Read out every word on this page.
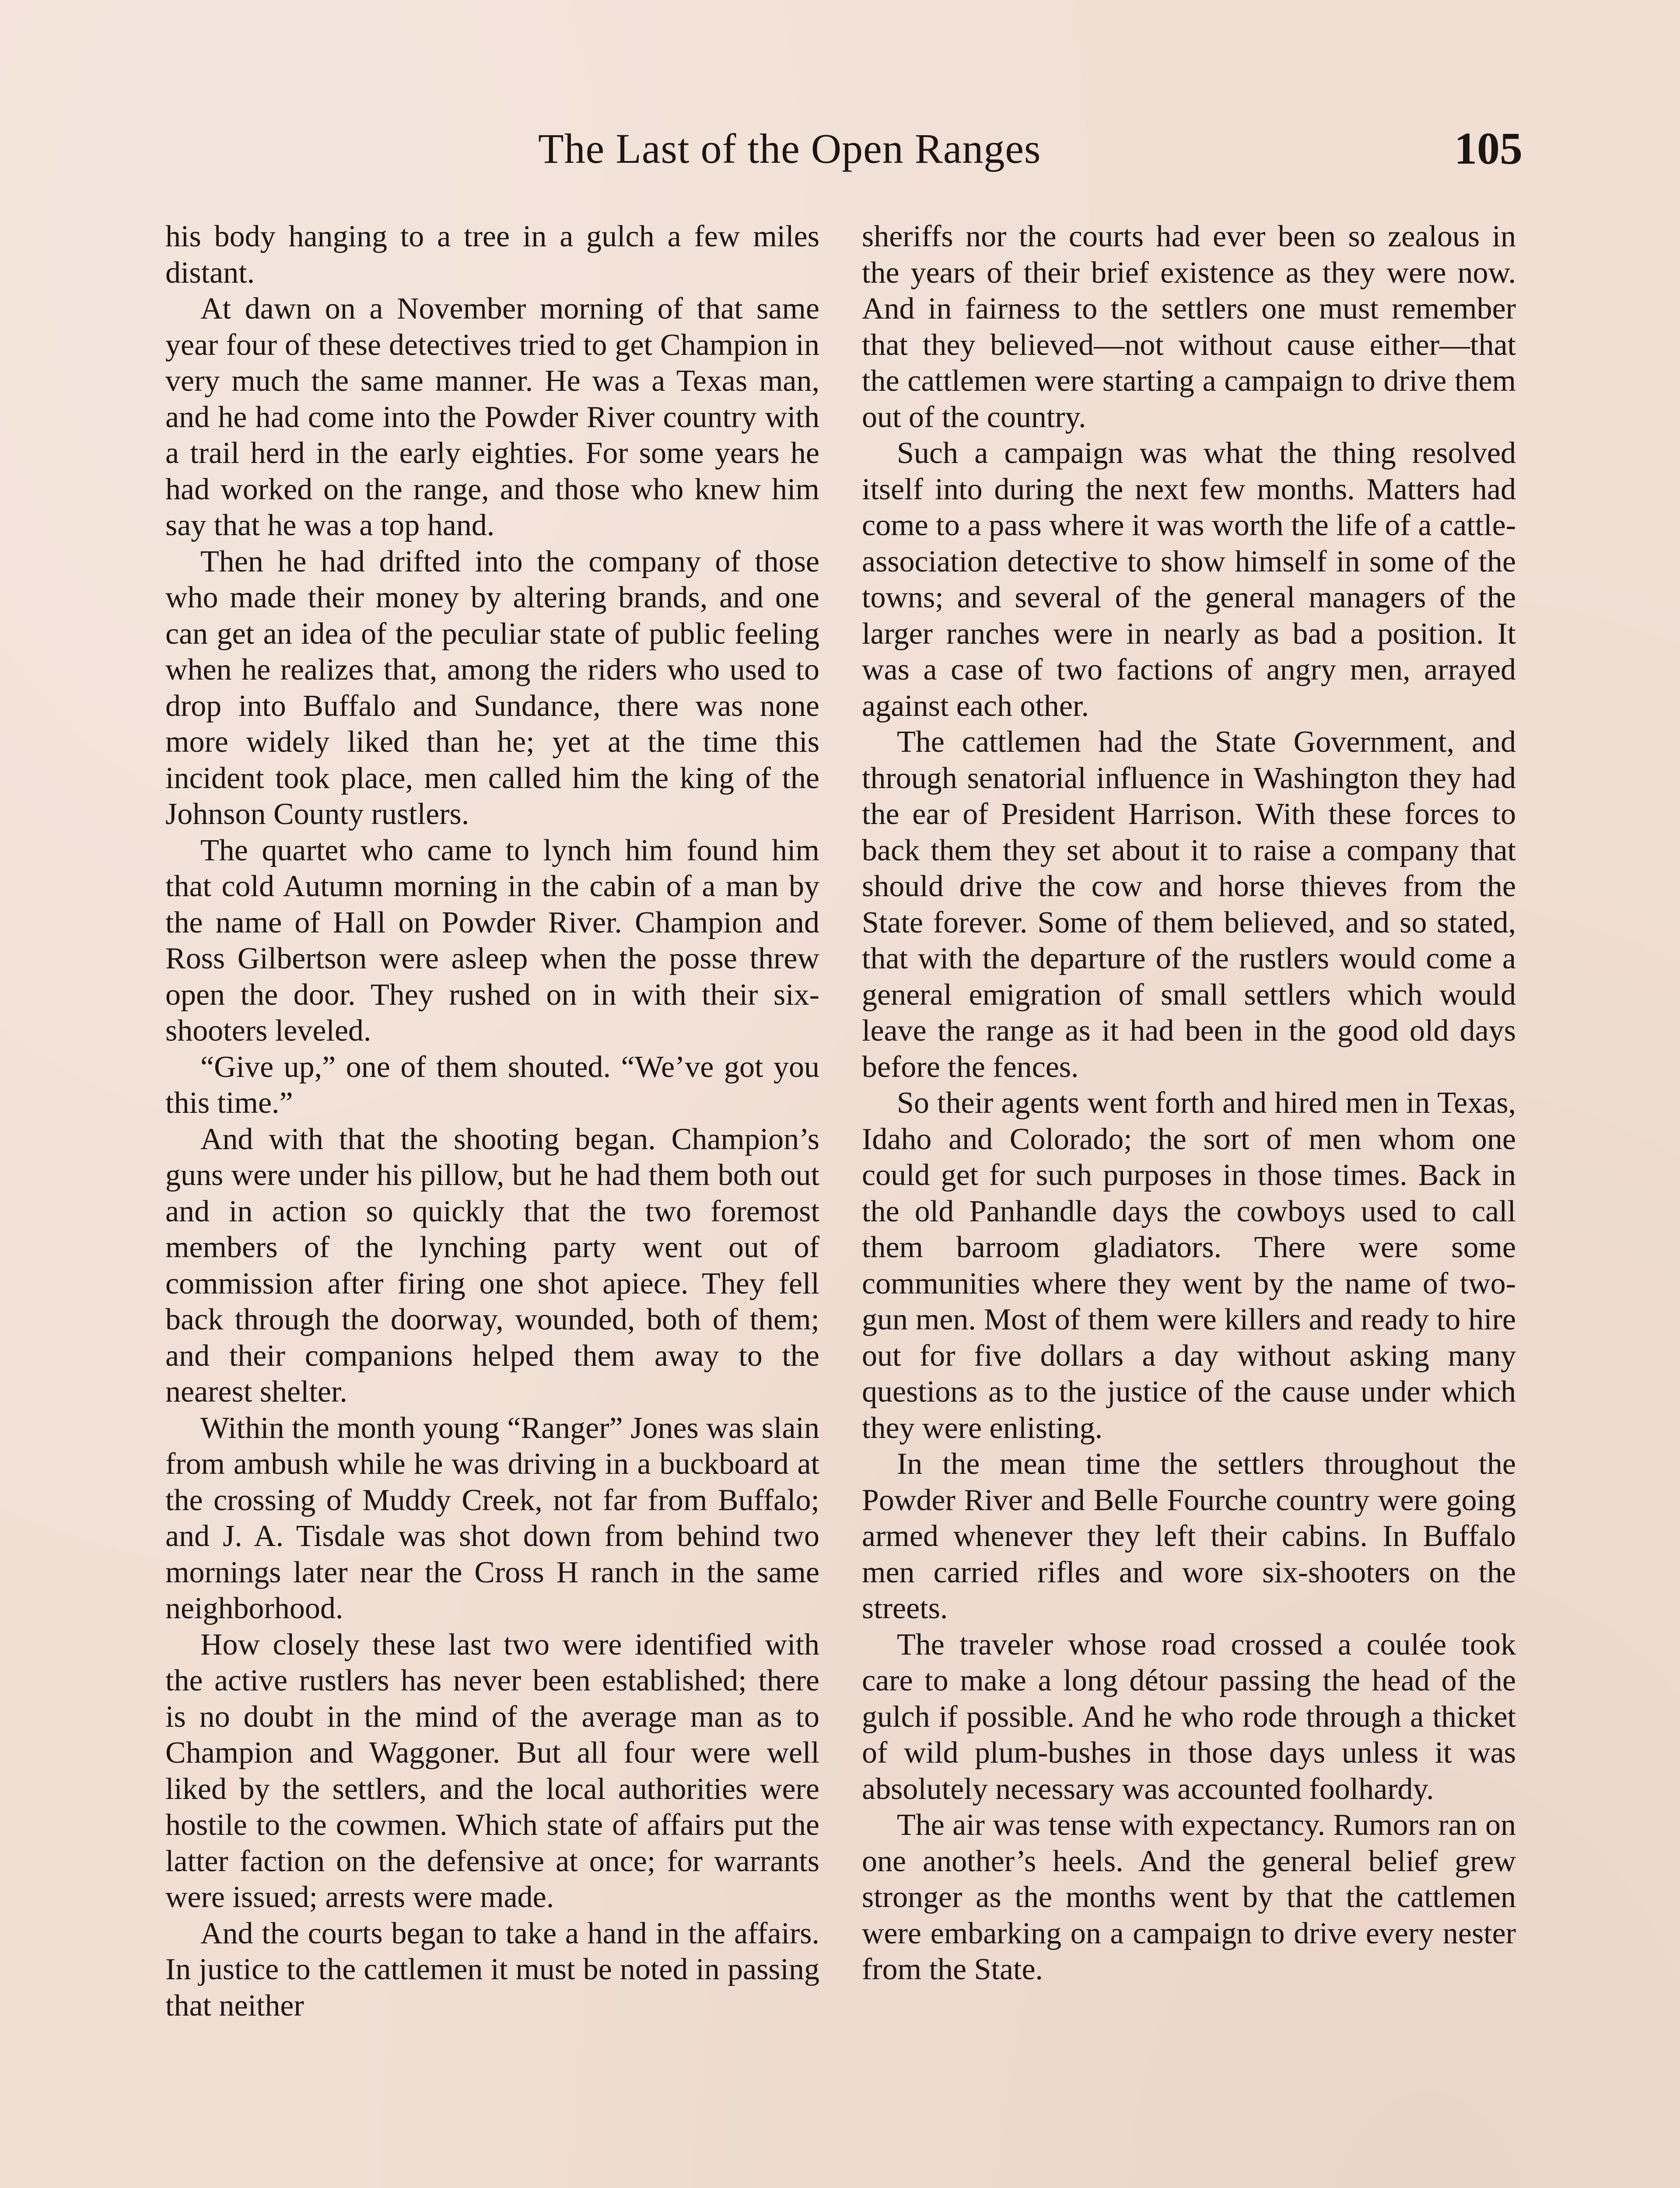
The Last of the Open Ranges	105

his body hanging to a tree in a gulch a few miles distant.

At dawn on a November morning of that same year four of these detectives tried to get Champion in very much the same manner. He was a Texas man, and he had come into the Powder River country with a trail herd in the early eighties. For some years he had worked on the range, and those who knew him say that he was a top hand.

Then he had drifted into the company of those who made their money by altering brands, and one can get an idea of the peculiar state of public feeling when he realizes that, among the riders who used to drop into Buffalo and Sundance, there was none more widely liked than he; yet at the time this incident took place, men called him the king of the Johnson County rustlers.

The quartet who came to lynch him found him that cold Autumn morning in the cabin of a man by the name of Hall on Powder River. Champion and Ross Gilbertson were asleep when the posse threw open the door. They rushed on in with their six-shooters leveled.

“Give up,” one of them shouted. “We’ve got you this time.”

And with that the shooting began. Champion’s guns were under his pillow, but he had them both out and in action so quickly that the two foremost members of the lynching party went out of commission after firing one shot apiece. They fell back through the doorway, wounded, both of them; and their companions helped them away to the nearest shelter.

Within the month young “Ranger” Jones was slain from ambush while he was driving in a buckboard at the crossing of Muddy Creek, not far from Buffalo; and J. A. Tisdale was shot down from behind two mornings later near the Cross H ranch in the same neighborhood.

How closely these last two were identified with the active rustlers has never been established; there is no doubt in the mind of the average man as to Champion and Waggoner. But all four were well liked by the settlers, and the local authorities were hostile to the cowmen. Which state of affairs put the latter faction on the defensive at once; for warrants were issued; arrests were made.

And the courts began to take a hand in the affairs. In justice to the cattlemen it must be noted in passing that neither

sheriffs nor the courts had ever been so zealous in the years of their brief existence as they were now. And in fairness to the settlers one must remember that they believed—not without cause either—that the cattlemen were starting a campaign to drive them out of the country.

Such a campaign was what the thing resolved itself into during the next few months. Matters had come to a pass where it was worth the life of a cattle-association detective to show himself in some of the towns; and several of the general managers of the larger ranches were in nearly as bad a position. It was a case of two factions of angry men, arrayed against each other.

The cattlemen had the State Government, and through senatorial influence in Washington they had the ear of President Harrison. With these forces to back them they set about it to raise a company that should drive the cow and horse thieves from the State forever. Some of them believed, and so stated, that with the departure of the rustlers would come a general emigration of small settlers which would leave the range as it had been in the good old days before the fences.

So their agents went forth and hired men in Texas, Idaho and Colorado; the sort of men whom one could get for such purposes in those times. Back in the old Panhandle days the cowboys used to call them barroom gladiators. There were some communities where they went by the name of two-gun men. Most of them were killers and ready to hire out for five dollars a day without asking many questions as to the justice of the cause under which they were enlisting.

In the mean time the settlers throughout the Powder River and Belle Fourche country were going armed whenever they left their cabins. In Buffalo men carried rifles and wore six-shooters on the streets.

The traveler whose road crossed a coulée took care to make a long détour passing the head of the gulch if possible. And he who rode through a thicket of wild plum-bushes in those days unless it was absolutely necessary was accounted foolhardy.

The air was tense with expectancy. Rumors ran on one another’s heels. And the general belief grew stronger as the months went by that the cattlemen were embarking on a campaign to drive every nester from the State.
